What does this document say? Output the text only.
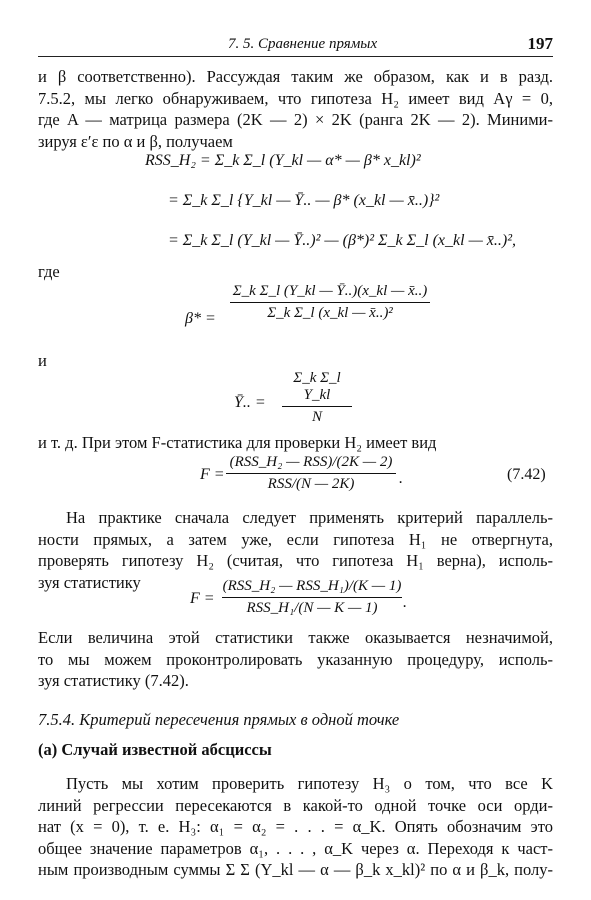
7. 5. Сравнение прямых	197
и β соответственно). Рассуждая таким же образом, как и в разд.
7.5.2, мы легко обнаруживаем, что гипотеза H₂ имеет вид Aγ = 0,
где A — матрица размера (2K — 2) × 2K (ранга 2K — 2). Миними-
зируя ε′ε по α и β, получаем
RSS_H₂ = Σ_k Σ_l (Y_kl — α* — β* x_kl)²
= Σ_k Σ_l {Y_kl — Ȳ.. — β* (x_kl — x̄..)}²
= Σ_k Σ_l (Y_kl — Ȳ..)² — (β*)² Σ_k Σ_l (x_kl — x̄..)²,
где
$\beta* = \frac{\text{Σ\_k Σ\_l (Y\_kl — Ȳ..)(x\_kl — x̄..)}}{\text{Σ\_k Σ\_l (x\_kl — x̄..)²}}$
и
Ȳ.. = $\frac{\text{Σ\_k Σ\_l Y\_kl}}{N}$
и т. д. При этом F-статистика для проверки H₂ имеет вид
F =
(RSS_H₂ — RSS)/(2K — 2)
RSS/(N — 2K)	.	(7.42)
На практике сначала следует применять критерий параллель-
ности прямых, а затем уже, если гипотеза H₁ не отвергнута,
проверять гипотезу H₂ (считая, что гипотеза H₁ верна), исполь-
зуя статистику
F =
(RSS_H₂ — RSS_H₁)/(K — 1)
RSS_H₁/(N — K — 1)	.
Если величина этой статистики также оказывается незначимой,
то мы можем проконтролировать указанную процедуру, исполь-
зуя статистику (7.42).
7.5.4. Критерий пересечения прямых в одной точке
(а) Случай известной абсциссы
Пусть мы хотим проверить гипотезу H₃ о том, что все K
линий регрессии пересекаются в какой-то одной точке оси орди-
нат (x = 0), т. е. H₃: α₁ = α₂ = . . . = α_K. Опять обозначим это
общее значение параметров α₁, . . . , α_K через α. Переходя к част-
ным производным суммы Σ Σ (Y_kl — α — β_k x_kl)² по α и β_k, полу-
